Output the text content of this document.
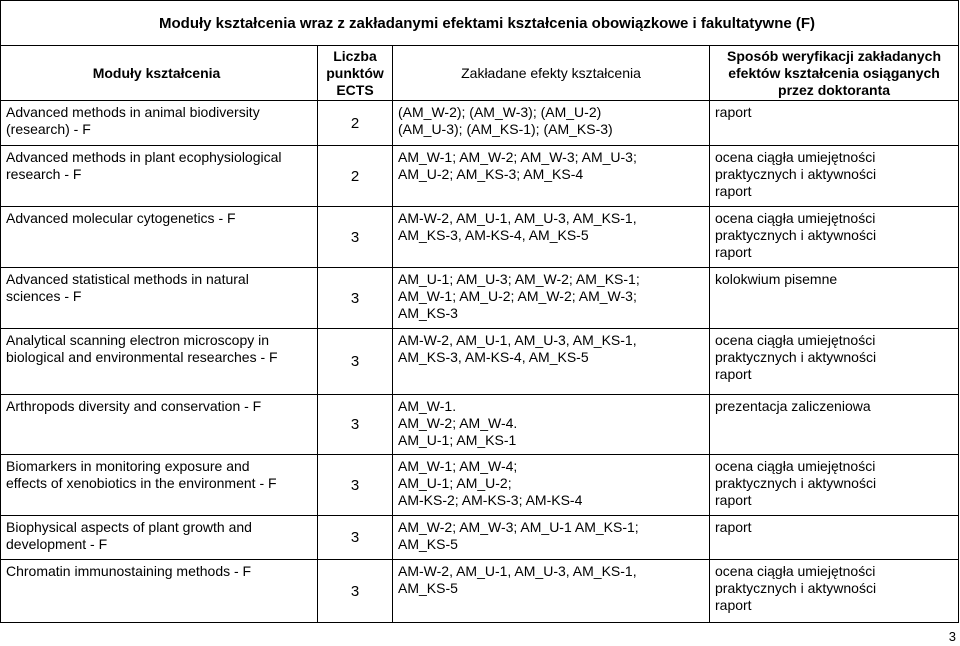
Moduły kształcenia wraz z zakładanymi efektami kształcenia obowiązkowe i fakultatywne (F)			
Moduły kształcenia	Liczba
punktów
ECTS	Zakładane efekty kształcenia	Sposób weryfikacji zakładanych
efektów kształcenia osiąganych
przez doktoranta
Advanced methods in animal biodiversity
(research) - F	2	(AM_W-2); (AM_W-3); (AM_U-2)
(AM_U-3); (AM_KS-1); (AM_KS-3)	raport
Advanced methods in plant ecophysiological
research - F	2	AM_W-1; AM_W-2; AM_W-3; AM_U-3;
AM_U-2; AM_KS-3; AM_KS-4	ocena ciągła umiejętności
praktycznych i aktywności
raport
Advanced molecular cytogenetics - F	3	AM-W-2, AM_U-1, AM_U-3, AM_KS-1,
AM_KS-3, AM-KS-4, AM_KS-5	ocena ciągła umiejętności
praktycznych i aktywności
raport
Advanced statistical methods in natural
sciences - F	3	AM_U-1; AM_U-3; AM_W-2; AM_KS-1;
AM_W-1; AM_U-2; AM_W-2; AM_W-3;
AM_KS-3	kolokwium pisemne
Analytical scanning electron microscopy in
biological and environmental researches - F	3	AM-W-2, AM_U-1, AM_U-3, AM_KS-1,
AM_KS-3, AM-KS-4, AM_KS-5	ocena ciągła umiejętności
praktycznych i aktywności
raport
Arthropods diversity and conservation - F	3	AM_W-1.
AM_W-2; AM_W-4.
AM_U-1; AM_KS-1	prezentacja zaliczeniowa
Biomarkers in monitoring exposure and
effects of xenobiotics in the environment - F	3	AM_W-1; AM_W-4;
AM_U-1; AM_U-2;
AM-KS-2; AM-KS-3; AM-KS-4	ocena ciągła umiejętności
praktycznych i aktywności
raport
Biophysical aspects of plant growth and
development - F	3	AM_W-2; AM_W-3; AM_U-1 AM_KS-1;
AM_KS-5	raport
Chromatin immunostaining methods - F	3	AM-W-2, AM_U-1, AM_U-3, AM_KS-1,
AM_KS-5	ocena ciągła umiejętności
praktycznych i aktywności
raport
3
